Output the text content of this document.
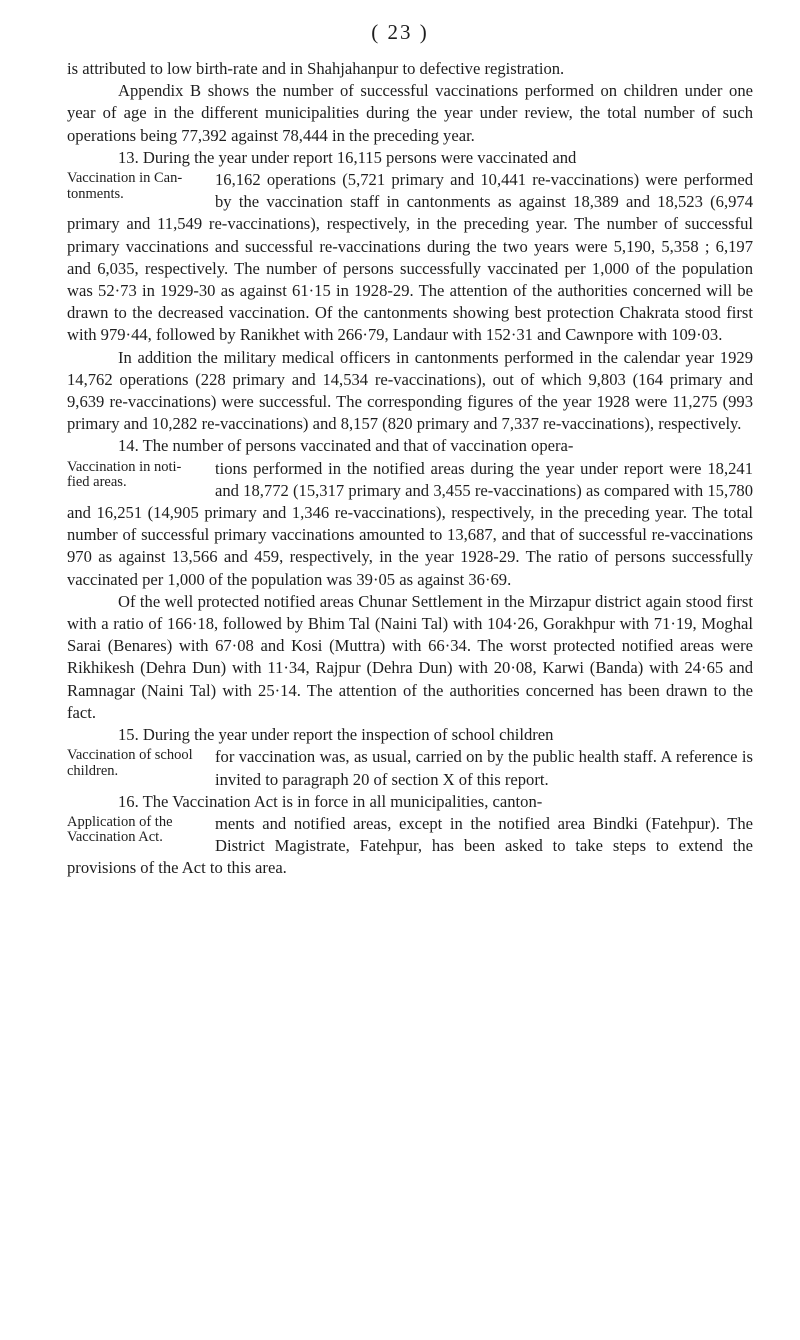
( 23 )

is attributed to low birth-rate and in Shahjahanpur to defective registration.

Appendix B shows the number of successful vaccinations performed on children under one year of age in the different municipalities during the year under review, the total number of such operations being 77,392 against 78,444 in the preceding year.

13. During the year under report 16,115 persons were vaccinated and

Vaccination in Can-
tonments.
16,162 operations (5,721 primary and 10,441 re-vaccinations) were performed by the vaccination staff in cantonments as against 18,389 and 18,523 (6,974 primary and 11,549 re-vaccinations), respectively, in the preceding year. The number of successful primary vaccinations and successful re-vaccinations during the two years were 5,190, 5,358 ; 6,197 and 6,035, respectively. The number of persons successfully vaccinated per 1,000 of the population was 52·73 in 1929-30 as against 61·15 in 1928-29. The attention of the authorities concerned will be drawn to the decreased vaccination. Of the cantonments showing best protection Chakrata stood first with 979·44, followed by Ranikhet with 266·79, Landaur with 152·31 and Cawnpore with 109·03.

In addition the military medical officers in cantonments performed in the calendar year 1929 14,762 operations (228 primary and 14,534 re-vaccinations), out of which 9,803 (164 primary and 9,639 re-vaccinations) were successful. The corresponding figures of the year 1928 were 11,275 (993 primary and 10,282 re-vaccinations) and 8,157 (820 primary and 7,337 re-vaccinations), respectively.

14. The number of persons vaccinated and that of vaccination opera-

Vaccination in noti-
fied areas.
tions performed in the notified areas during the year under report were 18,241 and 18,772 (15,317 primary and 3,455 re-vaccinations) as compared with 15,780 and 16,251 (14,905 primary and 1,346 re-vaccinations), respectively, in the preceding year. The total number of successful primary vaccinations amounted to 13,687, and that of successful re-vaccinations 970 as against 13,566 and 459, respectively, in the year 1928-29. The ratio of persons successfully vaccinated per 1,000 of the population was 39·05 as against 36·69.

Of the well protected notified areas Chunar Settlement in the Mirzapur district again stood first with a ratio of 166·18, followed by Bhim Tal (Naini Tal) with 104·26, Gorakhpur with 71·19, Moghal Sarai (Benares) with 67·08 and Kosi (Muttra) with 66·34. The worst protected notified areas were Rikhikesh (Dehra Dun) with 11·34, Rajpur (Dehra Dun) with 20·08, Karwi (Banda) with 24·65 and Ramnagar (Naini Tal) with 25·14. The attention of the authorities concerned has been drawn to the fact.

15. During the year under report the inspection of school children

Vaccination of school
children.
for vaccination was, as usual, carried on by the public health staff. A reference is invited to paragraph 20 of section X of this report.

16. The Vaccination Act is in force in all municipalities, canton-

Application of the
Vaccination Act.
ments and notified areas, except in the notified area Bindki (Fatehpur). The District Magistrate, Fatehpur, has been asked to take steps to extend the provisions of the Act to this area.
